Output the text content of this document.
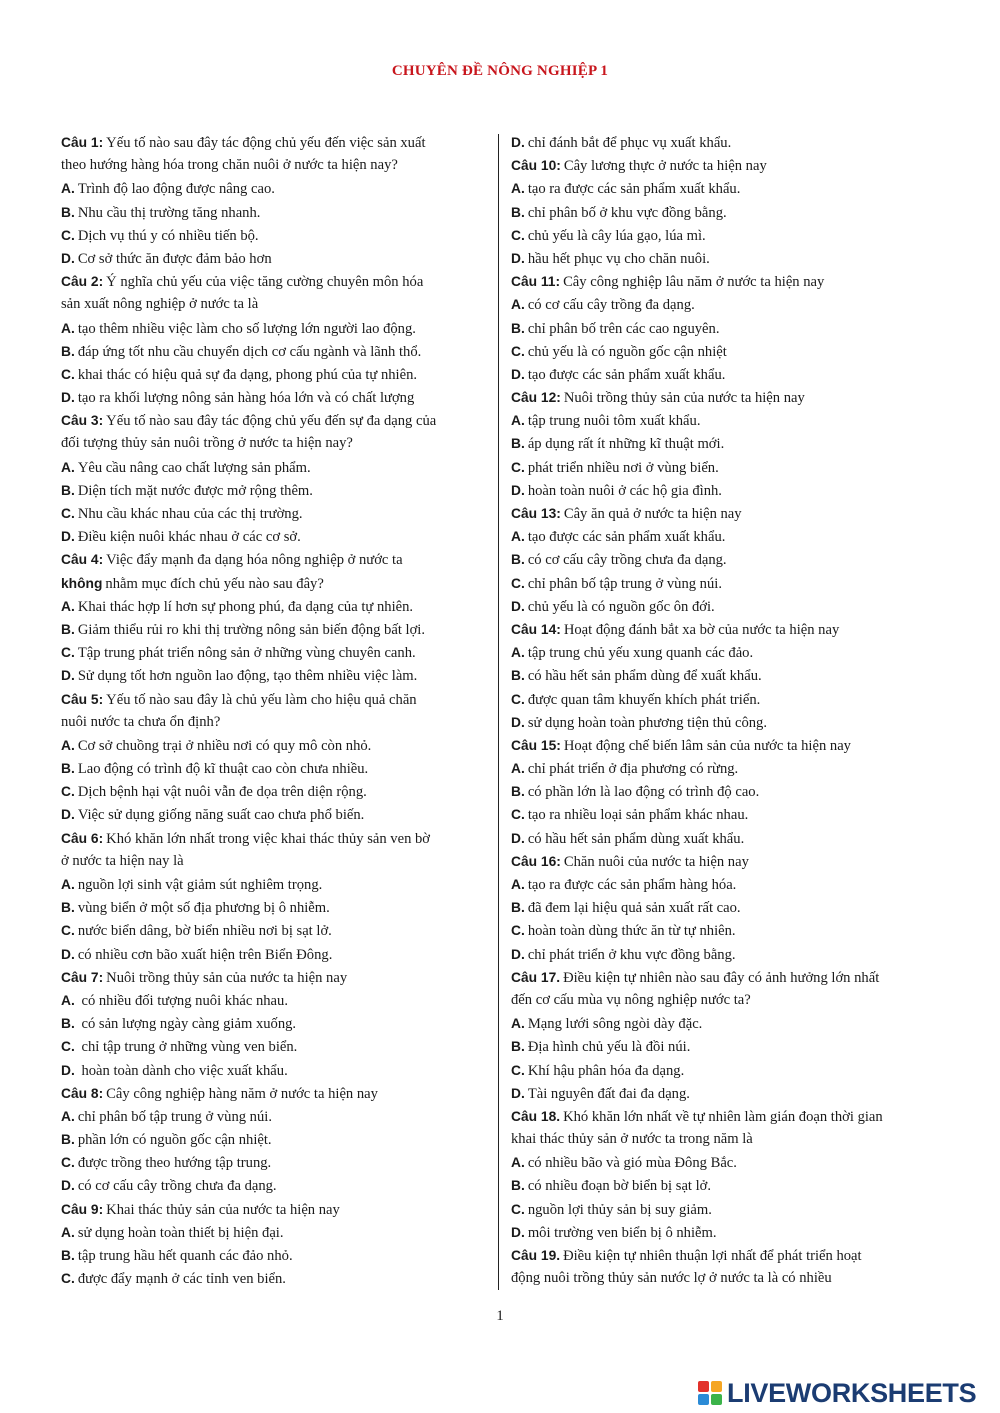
CHUYÊN ĐỀ NÔNG NGHIỆP 1
Câu 1: Yếu tố nào sau đây tác động chủ yếu đến việc sản xuất
theo hướng hàng hóa trong chăn nuôi ở nước ta hiện nay?
A. Trình độ lao động được nâng cao.
B. Nhu cầu thị trường tăng nhanh.
C. Dịch vụ thú y có nhiều tiến bộ.
D. Cơ sở thức ăn được đảm bảo hơn
Câu 2: Ý nghĩa chủ yếu của việc tăng cường chuyên môn hóa
sản xuất nông nghiệp ở nước ta là
A. tạo thêm nhiều việc làm cho số lượng lớn người lao động.
B. đáp ứng tốt nhu cầu chuyển dịch cơ cấu ngành và lãnh thổ.
C. khai thác có hiệu quả sự đa dạng, phong phú của tự nhiên.
D. tạo ra khối lượng nông sản hàng hóa lớn và có chất lượng
Câu 3: Yếu tố nào sau đây tác động chủ yếu đến sự đa dạng của
đối tượng thủy sản nuôi trồng ở nước ta hiện nay?
A. Yêu cầu nâng cao chất lượng sản phẩm.
B. Diện tích mặt nước được mở rộng thêm.
C. Nhu cầu khác nhau của các thị trường.
D. Điều kiện nuôi khác nhau ở các cơ sở.
Câu 4: Việc đẩy mạnh đa dạng hóa nông nghiệp ở nước ta
không nhằm mục đích chủ yếu nào sau đây?
A. Khai thác hợp lí hơn sự phong phú, đa dạng của tự nhiên.
B. Giảm thiểu rủi ro khi thị trường nông sản biến động bất lợi.
C. Tập trung phát triển nông sản ở những vùng chuyên canh.
D. Sử dụng tốt hơn nguồn lao động, tạo thêm nhiều việc làm.
Câu 5: Yếu tố nào sau đây là chủ yếu làm cho hiệu quả chăn
nuôi nước ta chưa ổn định?
A. Cơ sở chuồng trại ở nhiều nơi có quy mô còn nhỏ.
B. Lao động có trình độ kĩ thuật cao còn chưa nhiều.
C. Dịch bệnh hại vật nuôi vẫn đe dọa trên diện rộng.
D. Việc sử dụng giống năng suất cao chưa phổ biến.
Câu 6: Khó khăn lớn nhất trong việc khai thác thủy sản ven bờ
ở nước ta hiện nay là
A. nguồn lợi sinh vật giảm sút nghiêm trọng.
B. vùng biển ở một số địa phương bị ô nhiễm.
C. nước biển dâng, bờ biển nhiều nơi bị sạt lở.
D. có nhiều cơn bão xuất hiện trên Biển Đông.
Câu 7: Nuôi trồng thủy sản của nước ta hiện nay
A. có nhiều đối tượng nuôi khác nhau.
B. có sản lượng ngày càng giảm xuống.
C. chỉ tập trung ở những vùng ven biển.
D. hoàn toàn dành cho việc xuất khẩu.
Câu 8: Cây công nghiệp hàng năm ở nước ta hiện nay
A. chỉ phân bố tập trung ở vùng núi.
B. phần lớn có nguồn gốc cận nhiệt.
C. được trồng theo hướng tập trung.
D. có cơ cấu cây trồng chưa đa dạng.
Câu 9: Khai thác thủy sản của nước ta hiện nay
A. sử dụng hoàn toàn thiết bị hiện đại.
B. tập trung hầu hết quanh các đảo nhỏ.
C. được đẩy mạnh ở các tỉnh ven biển.
D. chỉ đánh bắt để phục vụ xuất khẩu.
Câu 10: Cây lương thực ở nước ta hiện nay
A. tạo ra được các sản phẩm xuất khẩu.
B. chỉ phân bố ở khu vực đồng bằng.
C. chủ yếu là cây lúa gạo, lúa mì.
D. hầu hết phục vụ cho chăn nuôi.
Câu 11: Cây công nghiệp lâu năm ở nước ta hiện nay
A. có cơ cấu cây trồng đa dạng.
B. chỉ phân bố trên các cao nguyên.
C. chủ yếu là có nguồn gốc cận nhiệt
D. tạo được các sản phẩm xuất khẩu.
Câu 12: Nuôi trồng thủy sản của nước ta hiện nay
A. tập trung nuôi tôm xuất khẩu.
B. áp dụng rất ít những kĩ thuật mới.
C. phát triển nhiều nơi ở vùng biển.
D. hoàn toàn nuôi ở các hộ gia đình.
Câu 13: Cây ăn quả ở nước ta hiện nay
A. tạo được các sản phẩm xuất khẩu.
B. có cơ cấu cây trồng chưa đa dạng.
C. chỉ phân bố tập trung ở vùng núi.
D. chủ yếu là có nguồn gốc ôn đới.
Câu 14: Hoạt động đánh bắt xa bờ của nước ta hiện nay
A. tập trung chủ yếu xung quanh các đảo.
B. có hầu hết sản phẩm dùng để xuất khẩu.
C. được quan tâm khuyến khích phát triển.
D. sử dụng hoàn toàn phương tiện thủ công.
Câu 15: Hoạt động chế biến lâm sản của nước ta hiện nay
A. chỉ phát triển ở địa phương có rừng.
B. có phần lớn là lao động có trình độ cao.
C. tạo ra nhiều loại sản phẩm khác nhau.
D. có hầu hết sản phẩm dùng xuất khẩu.
Câu 16: Chăn nuôi của nước ta hiện nay
A. tạo ra được các sản phẩm hàng hóa.
B. đã đem lại hiệu quả sản xuất rất cao.
C. hoàn toàn dùng thức ăn từ tự nhiên.
D. chỉ phát triển ở khu vực đồng bằng.
Câu 17. Điều kiện tự nhiên nào sau đây có ảnh hưởng lớn nhất
đến cơ cấu mùa vụ nông nghiệp nước ta?
A. Mạng lưới sông ngòi dày đặc.
B. Địa hình chủ yếu là đồi núi.
C. Khí hậu phân hóa đa dạng.
D. Tài nguyên đất đai đa dạng.
Câu 18. Khó khăn lớn nhất về tự nhiên làm gián đoạn thời gian
khai thác thủy sản ở nước ta trong năm là
A. có nhiều bão và gió mùa Đông Bắc.
B. có nhiều đoạn bờ biển bị sạt lở.
C. nguồn lợi thủy sản bị suy giảm.
D. môi trường ven biển bị ô nhiễm.
Câu 19. Điều kiện tự nhiên thuận lợi nhất để phát triển hoạt
động nuôi trồng thủy sản nước lợ ở nước ta là có nhiều
1
LIVEWORKSHEETS
